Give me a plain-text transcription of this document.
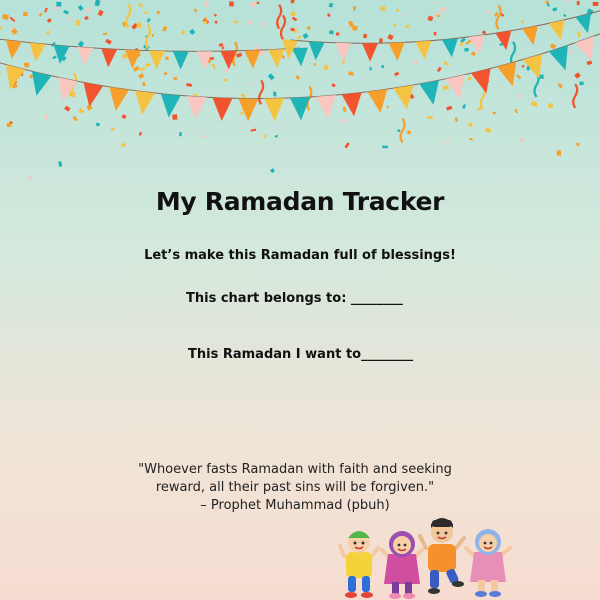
My Ramadan Tracker
Let’s make this Ramadan full of blessings!
This chart belongs to: ________
This Ramadan I want to________
"Whoever fasts Ramadan with faith and seeking
reward, all their past sins will be forgiven."
– Prophet Muhammad (pbuh)
